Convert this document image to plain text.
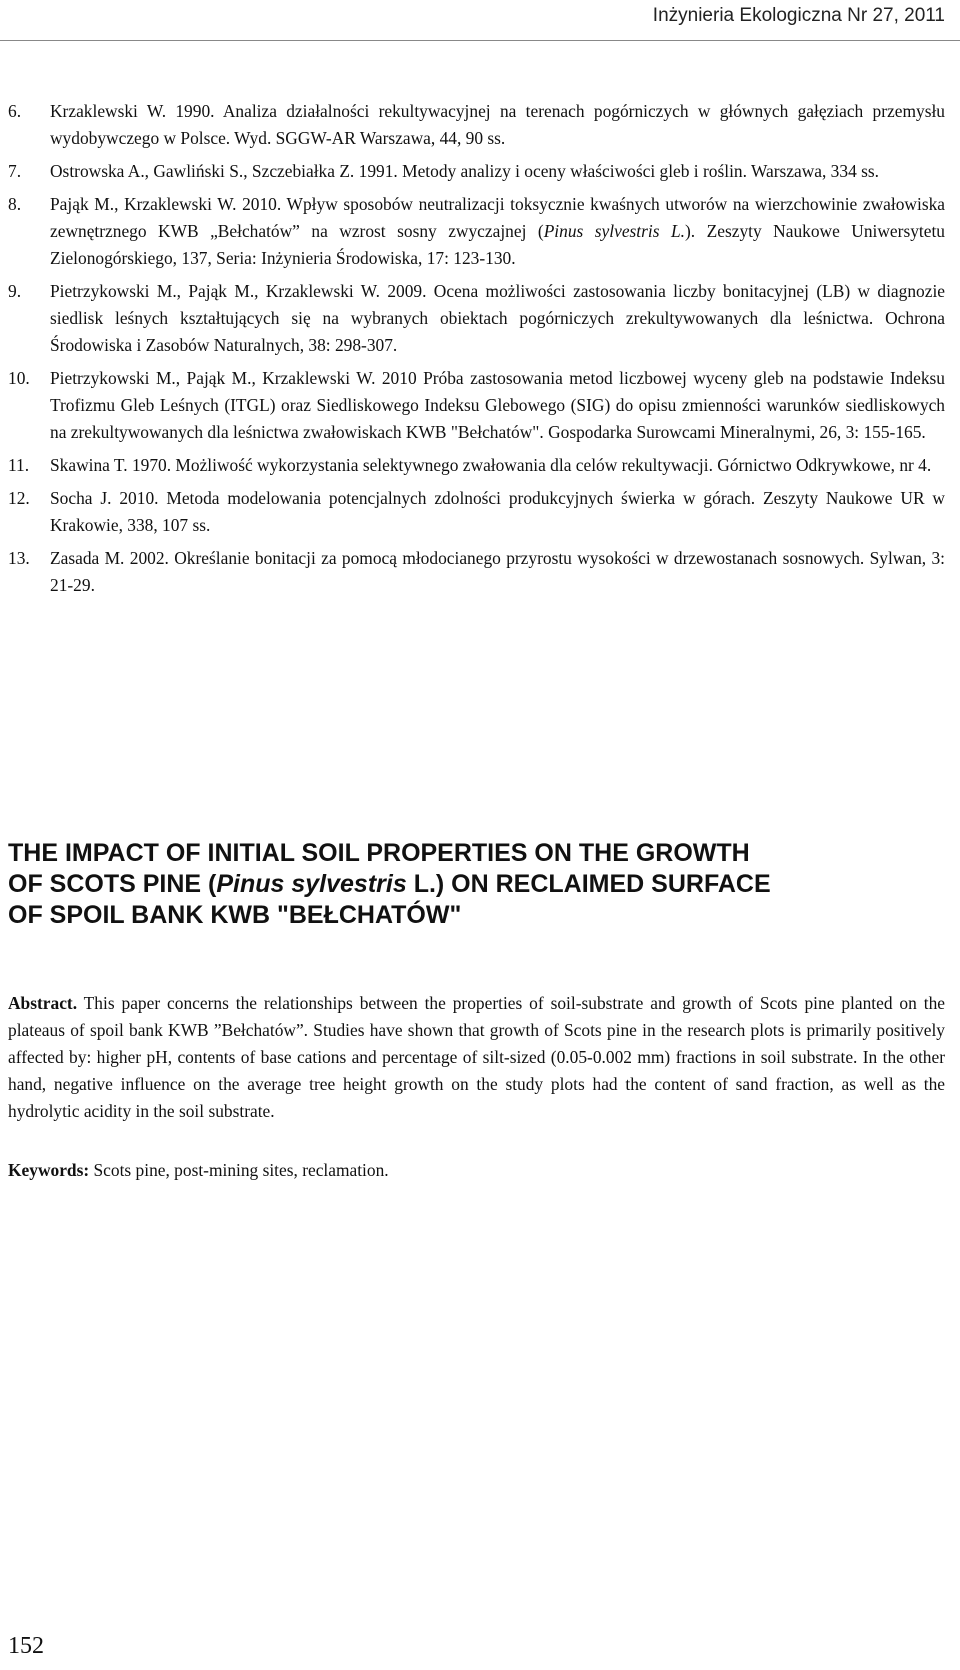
Inżynieria Ekologiczna Nr 27, 2011
6. Krzaklewski W. 1990. Analiza działalności rekultywacyjnej na terenach pogórniczych w głównych gałęziach przemysłu wydobywczego w Polsce. Wyd. SGGW-AR Warszawa, 44, 90 ss.
7. Ostrowska A., Gawliński S., Szczebiałka Z. 1991. Metody analizy i oceny właściwości gleb i roślin. Warszawa, 334 ss.
8. Pająk M., Krzaklewski W. 2010. Wpływ sposobów neutralizacji toksycznie kwaśnych utworów na wierzchowinie zwałowiska zewnętrznego KWB „Bełchatów” na wzrost sosny zwyczajnej (Pinus sylvestris L.). Zeszyty Naukowe Uniwersytetu Zielonogórskiego, 137, Seria: Inżynieria Środowiska, 17: 123-130.
9. Pietrzykowski M., Pająk M., Krzaklewski W. 2009. Ocena możliwości zastosowania liczby bonitacyjnej (LB) w diagnozie siedlisk leśnych kształtujących się na wybranych obiektach pogórniczych zrekultywowanych dla leśnictwa. Ochrona Środowiska i Zasobów Naturalnych, 38: 298-307.
10. Pietrzykowski M., Pająk M., Krzaklewski W. 2010 Próba zastosowania metod liczbowej wyceny gleb na podstawie Indeksu Trofizmu Gleb Leśnych (ITGL) oraz Siedliskowego Indeksu Glebowego (SIG) do opisu zmienności warunków siedliskowych na zrekultywowanych dla leśnictwa zwałowiskach KWB "Bełchatów". Gospodarka Surowcami Mineralnymi, 26, 3: 155-165.
11. Skawina T. 1970. Możliwość wykorzystania selektywnego zwałowania dla celów rekultywacji. Górnictwo Odkrywkowe, nr 4.
12. Socha J. 2010. Metoda modelowania potencjalnych zdolności produkcyjnych świerka w górach. Zeszyty Naukowe UR w Krakowie, 338, 107 ss.
13. Zasada M. 2002. Określanie bonitacji za pomocą młodocianego przyrostu wysokości w drzewostanach sosnowych. Sylwan, 3: 21-29.
THE IMPACT OF INITIAL SOIL PROPERTIES ON THE GROWTH
OF SCOTS PINE (Pinus sylvestris L.) ON RECLAIMED SURFACE
OF SPOIL BANK KWB "BEŁCHATÓW"
Abstract. This paper concerns the relationships between the properties of soil-substrate and growth of Scots pine planted on the plateaus of spoil bank KWB ”Bełchatów”. Studies have shown that growth of Scots pine in the research plots is primarily positively affected by: higher pH, contents of base cations and percentage of silt-sized (0.05-0.002 mm) fractions in soil substrate. In the other hand, negative influence on the average tree height growth on the study plots had the content of sand fraction, as well as the hydrolytic acidity in the soil substrate.
Keywords: Scots pine, post-mining sites, reclamation.
152
